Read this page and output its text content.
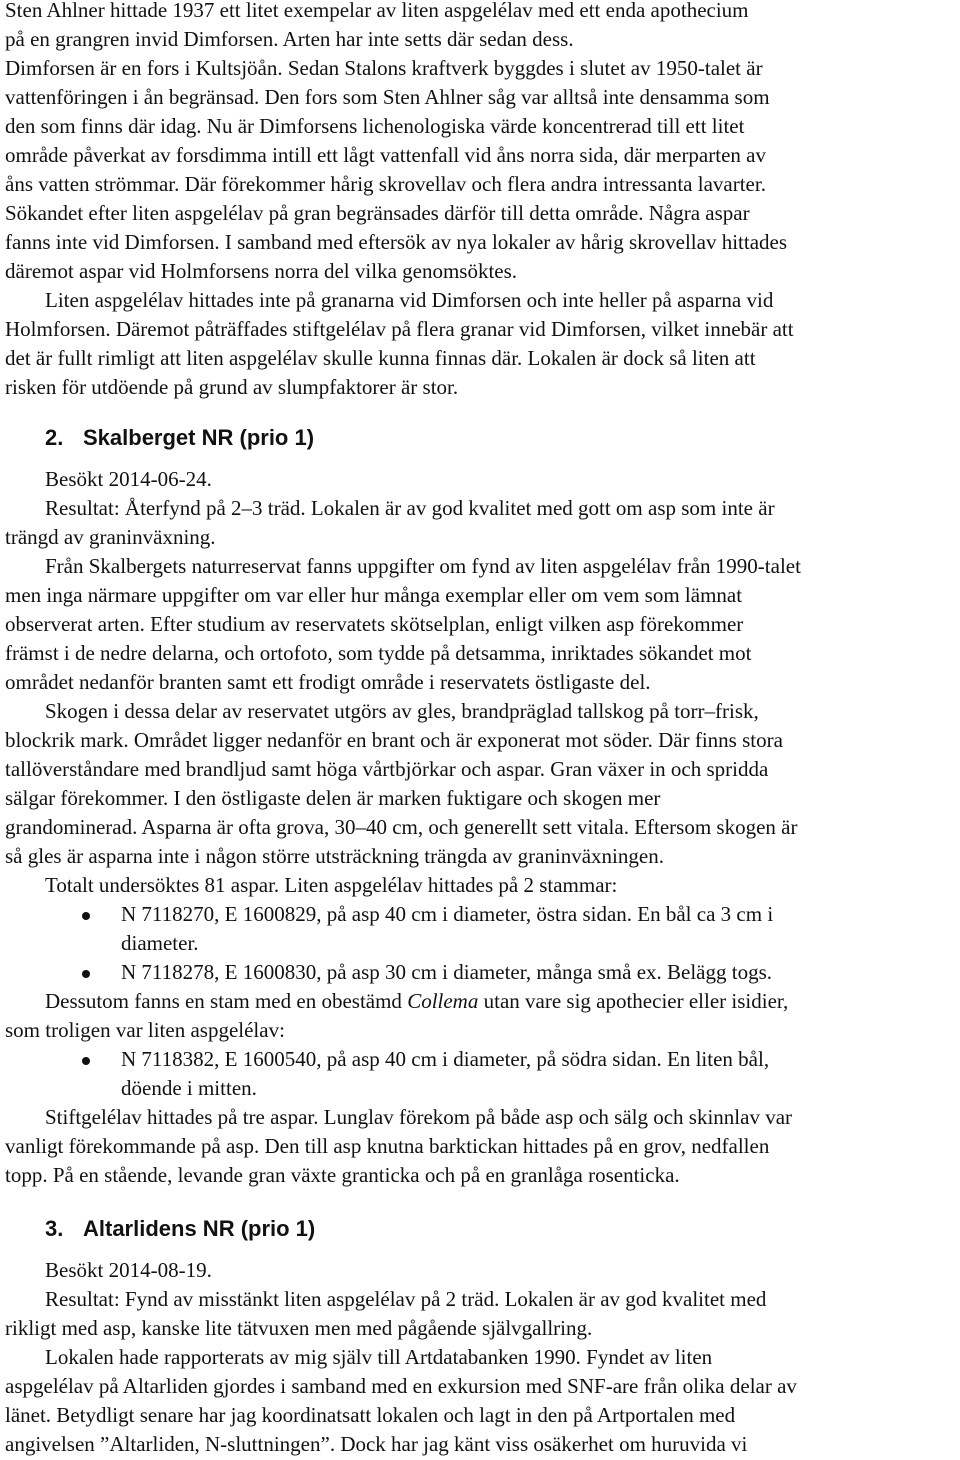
Sten Ahlner hittade 1937 ett litet exempelar av liten aspgelélav med ett enda apothecium

på en grangren invid Dimforsen. Arten har inte setts där sedan dess.

Dimforsen är en fors i Kultsjöån. Sedan Stalons kraftverk byggdes i slutet av 1950-talet är

vattenföringen i ån begränsad. Den fors som Sten Ahlner såg var alltså inte densamma som

den som finns där idag. Nu är Dimforsens lichenologiska värde koncentrerad till ett litet

område påverkat av forsdimma intill ett lågt vattenfall vid åns norra sida, där merparten av

åns vatten strömmar. Där förekommer hårig skrovellav och flera andra intressanta lavarter.

Sökandet efter liten aspgelélav på gran begränsades därför till detta område. Några aspar

fanns inte vid Dimforsen. I samband med eftersök av nya lokaler av hårig skrovellav hittades

däremot aspar vid Holmforsens norra del vilka genomsöktes.

Liten aspgelélav hittades inte på granarna vid Dimforsen och inte heller på asparna vid

Holmforsen. Däremot påträffades stiftgelélav på flera granar vid Dimforsen, vilket innebär att

det är fullt rimligt att liten aspgelélav skulle kunna finnas där. Lokalen är dock så liten att

risken för utdöende på grund av slumpfaktorer är stor.

2. Skalberget NR (prio 1)

Besökt 2014-06-24.

Resultat: Återfynd på 2–3 träd. Lokalen är av god kvalitet med gott om asp som inte är

trängd av graninväxning.

Från Skalbergets naturreservat fanns uppgifter om fynd av liten aspgelélav från 1990-talet

men inga närmare uppgifter om var eller hur många exemplar eller om vem som lämnat

observerat arten. Efter studium av reservatets skötselplan, enligt vilken asp förekommer

främst i de nedre delarna, och ortofoto, som tydde på detsamma, inriktades sökandet mot

området nedanför branten samt ett frodigt område i reservatets östligaste del.

Skogen i dessa delar av reservatet utgörs av gles, brandpräglad tallskog på torr–frisk,

blockrik mark. Området ligger nedanför en brant och är exponerat mot söder. Där finns stora

tallöverståndare med brandljud samt höga vårtbjörkar och aspar. Gran växer in och spridda

sälgar förekommer. I den östligaste delen är marken fuktigare och skogen mer

grandominerad. Asparna är ofta grova, 30–40 cm, och generellt sett vitala. Eftersom skogen är

så gles är asparna inte i någon större utsträckning trängda av graninväxningen.

Totalt undersöktes 81 aspar. Liten aspgelélav hittades på 2 stammar:

N 7118270, E 1600829, på asp 40 cm i diameter, östra sidan. En bål ca 3 cm i

diameter.

N 7118278, E 1600830, på asp 30 cm i diameter, många små ex. Belägg togs.

Dessutom fanns en stam med en obestämd Collema utan vare sig apothecier eller isidier,

som troligen var liten aspgelélav:

N 7118382, E 1600540, på asp 40 cm i diameter, på södra sidan. En liten bål,

döende i mitten.

Stiftgelélav hittades på tre aspar. Lunglav förekom på både asp och sälg och skinnlav var

vanligt förekommande på asp. Den till asp knutna barktickan hittades på en grov, nedfallen

topp. På en stående, levande gran växte granticka och på en granlåga rosenticka.

3. Altarlidens NR (prio 1)

Besökt 2014-08-19.

Resultat: Fynd av misstänkt liten aspgelélav på 2 träd. Lokalen är av god kvalitet med

rikligt med asp, kanske lite tätvuxen men med pågående självgallring.

Lokalen hade rapporterats av mig själv till Artdatabanken 1990. Fyndet av liten

aspgelélav på Altarliden gjordes i samband med en exkursion med SNF-are från olika delar av

länet. Betydligt senare har jag koordinatsatt lokalen och lagt in den på Artportalen med

angivelsen ”Altarliden, N-sluttningen”. Dock har jag känt viss osäkerhet om huruvida vi
